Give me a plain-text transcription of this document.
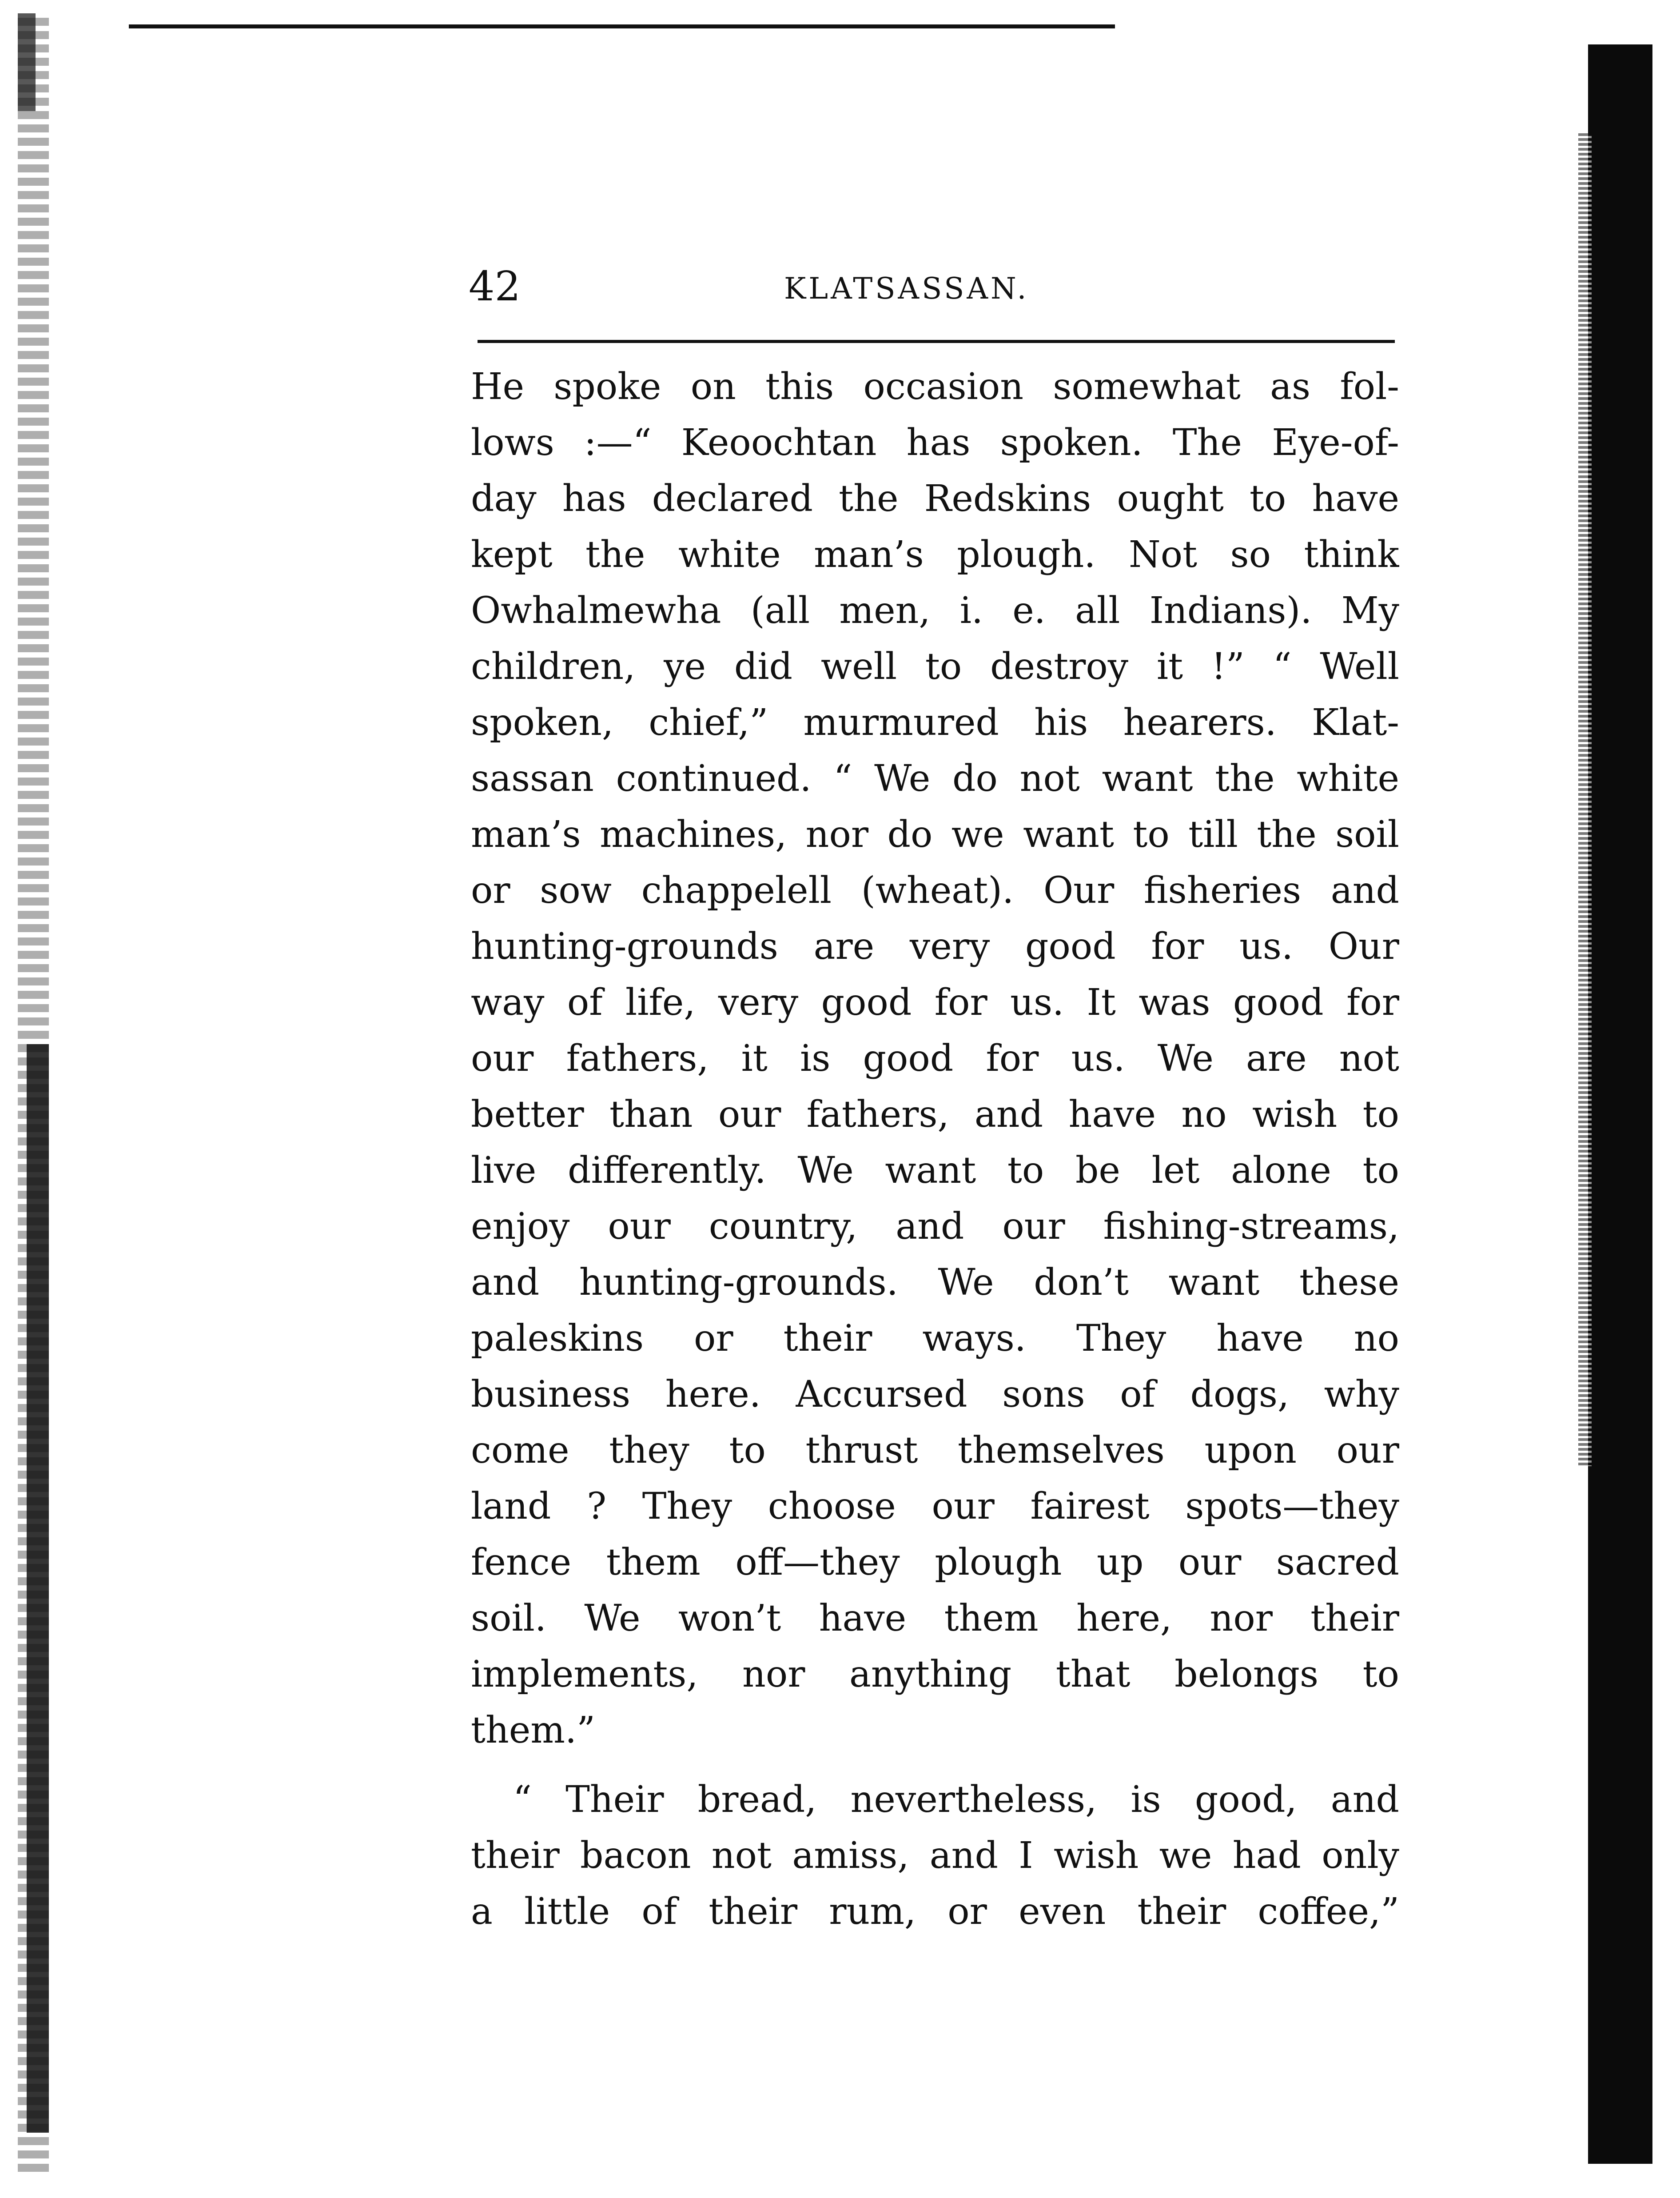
42	KLATSASSAN.
He spoke on this occasion somewhat as fol-
lows :—“ Keoochtan has spoken. The Eye-of-
day has declared the Redskins ought to have
kept the white man’s plough. Not so think
Owhalmewha (all men, i. e. all Indians). My
children, ye did well to destroy it !” “ Well
spoken, chief,” murmured his hearers. Klat-
sassan continued. “ We do not want the white
man’s machines, nor do we want to till the soil
or sow chappelell (wheat). Our fisheries and
hunting-grounds are very good for us. Our
way of life, very good for us. It was good for
our fathers, it is good for us. We are not
better than our fathers, and have no wish to
live differently. We want to be let alone to
enjoy our country, and our fishing-streams,
and hunting-grounds. We don’t want these
paleskins or their ways. They have no
business here. Accursed sons of dogs, why
come they to thrust themselves upon our
land ? They choose our fairest spots—they
fence them off—they plough up our sacred
soil. We won’t have them here, nor their
implements, nor anything that belongs to
them.”
“ Their bread, nevertheless, is good, and
their bacon not amiss, and I wish we had only
a little of their rum, or even their coffee,”
